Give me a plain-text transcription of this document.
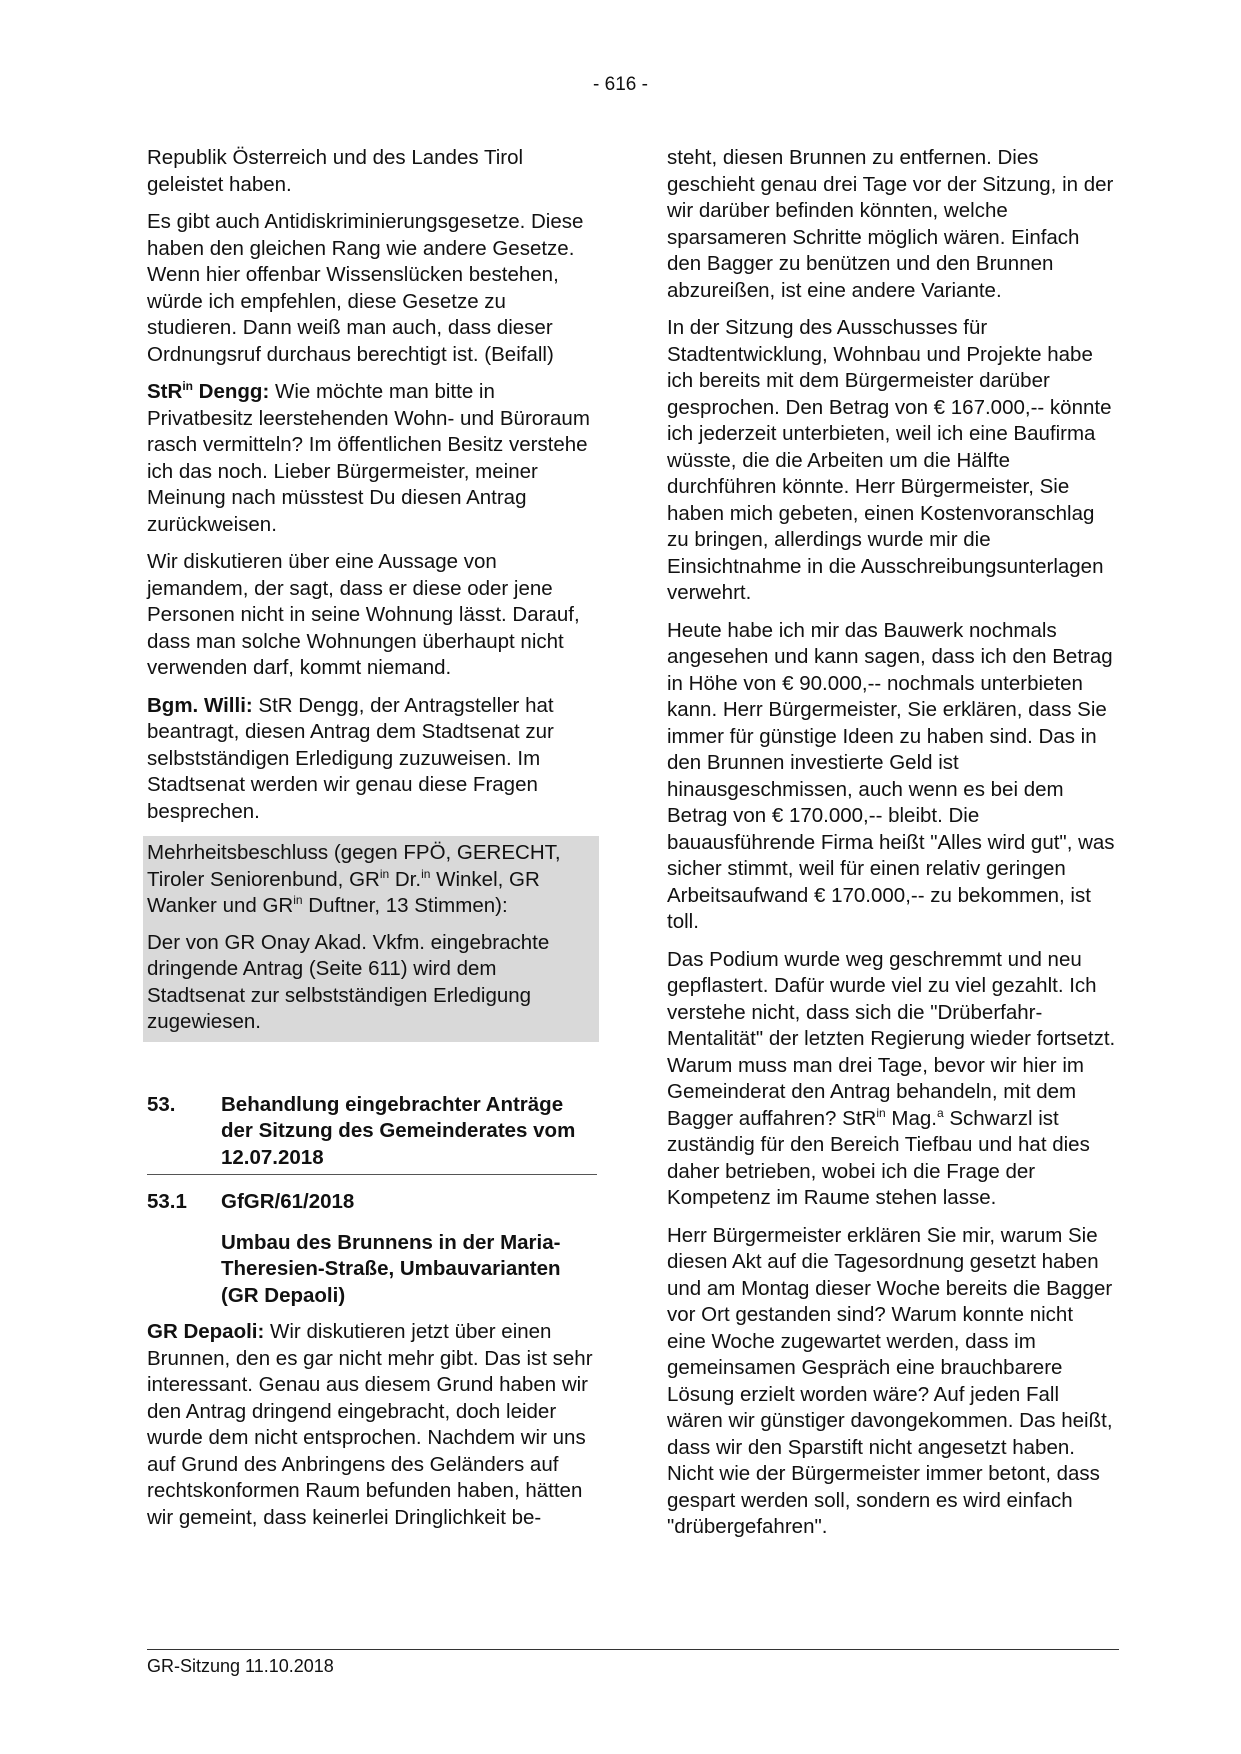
- 616 -

Republik Österreich und des Landes Tirol geleistet haben.

Es gibt auch Antidiskriminierungsgesetze. Diese haben den gleichen Rang wie andere Gesetze. Wenn hier offenbar Wissenslücken bestehen, würde ich empfehlen, diese Gesetze zu studieren. Dann weiß man auch, dass dieser Ordnungsruf durchaus berechtigt ist. (Beifall)

StR$^{in}$ Dengg: Wie möchte man bitte in Privatbesitz leerstehenden Wohn- und Büroraum rasch vermitteln? Im öffentlichen Besitz verstehe ich das noch. Lieber Bürgermeister, meiner Meinung nach müsstest Du diesen Antrag zurückweisen.

Wir diskutieren über eine Aussage von jemandem, der sagt, dass er diese oder jene Personen nicht in seine Wohnung lässt. Darauf, dass man solche Wohnungen überhaupt nicht verwenden darf, kommt niemand.

Bgm. Willi: StR Dengg, der Antragsteller hat beantragt, diesen Antrag dem Stadtsenat zur selbstständigen Erledigung zuzuweisen. Im Stadtsenat werden wir genau diese Fragen besprechen.

Mehrheitsbeschluss (gegen FPÖ, GERECHT, Tiroler Seniorenbund, $GR^{in}$ Dr.$^{in}$ Winkel, GR Wanker und $GR^{in}$ Duftner, 13 Stimmen):

Der von GR Onay Akad. Vkfm. eingebrachte dringende Antrag (Seite 611) wird dem Stadtsenat zur selbstständigen Erledigung zugewiesen.

53.	Behandlung eingebrachter Anträge der Sitzung des Gemeinderates vom 12.07.2018
53.1	GfGR/61/2018
Umbau des Brunnens in der Maria-Theresien-Straße, Umbauvarianten (GR Depaoli)

GR Depaoli: Wir diskutieren jetzt über einen Brunnen, den es gar nicht mehr gibt. Das ist sehr interessant. Genau aus diesem Grund haben wir den Antrag dringend eingebracht, doch leider wurde dem nicht entsprochen. Nachdem wir uns auf Grund des Anbringens des Geländers auf rechtskonformen Raum befunden haben, hätten wir gemeint, dass keinerlei Dringlichkeit be-

steht, diesen Brunnen zu entfernen. Dies geschieht genau drei Tage vor der Sitzung, in der wir darüber befinden könnten, welche sparsameren Schritte möglich wären. Einfach den Bagger zu benützen und den Brunnen abzureißen, ist eine andere Variante.

In der Sitzung des Ausschusses für Stadtentwicklung, Wohnbau und Projekte habe ich bereits mit dem Bürgermeister darüber gesprochen. Den Betrag von € 167.000,-- könnte ich jederzeit unterbieten, weil ich eine Baufirma wüsste, die die Arbeiten um die Hälfte durchführen könnte. Herr Bürgermeister, Sie haben mich gebeten, einen Kostenvoranschlag zu bringen, allerdings wurde mir die Einsichtnahme in die Ausschreibungsunterlagen verwehrt.

Heute habe ich mir das Bauwerk nochmals angesehen und kann sagen, dass ich den Betrag in Höhe von € 90.000,-- nochmals unterbieten kann. Herr Bürgermeister, Sie erklären, dass Sie immer für günstige Ideen zu haben sind. Das in den Brunnen investierte Geld ist hinausgeschmissen, auch wenn es bei dem Betrag von € 170.000,-- bleibt. Die bauausführende Firma heißt "Alles wird gut", was sicher stimmt, weil für einen relativ geringen Arbeitsaufwand € 170.000,-- zu bekommen, ist toll.

Das Podium wurde weg geschremmt und neu gepflastert. Dafür wurde viel zu viel gezahlt. Ich verstehe nicht, dass sich die "Drüberfahr-Mentalität" der letzten Regierung wieder fortsetzt. Warum muss man drei Tage, bevor wir hier im Gemeinderat den Antrag behandeln, mit dem Bagger auffahren? StR$^{in}$ Mag.$^a$ Schwarzl ist zuständig für den Bereich Tiefbau und hat dies daher betrieben, wobei ich die Frage der Kompetenz im Raume stehen lasse.

Herr Bürgermeister erklären Sie mir, warum Sie diesen Akt auf die Tagesordnung gesetzt haben und am Montag dieser Woche bereits die Bagger vor Ort gestanden sind? Warum konnte nicht eine Woche zugewartet werden, dass im gemeinsamen Gespräch eine brauchbarere Lösung erzielt worden wäre? Auf jeden Fall wären wir günstiger davongekommen. Das heißt, dass wir den Sparstift nicht angesetzt haben. Nicht wie der Bürgermeister immer betont, dass gespart werden soll, sondern es wird einfach "drübergefahren".

GR-Sitzung 11.10.2018
